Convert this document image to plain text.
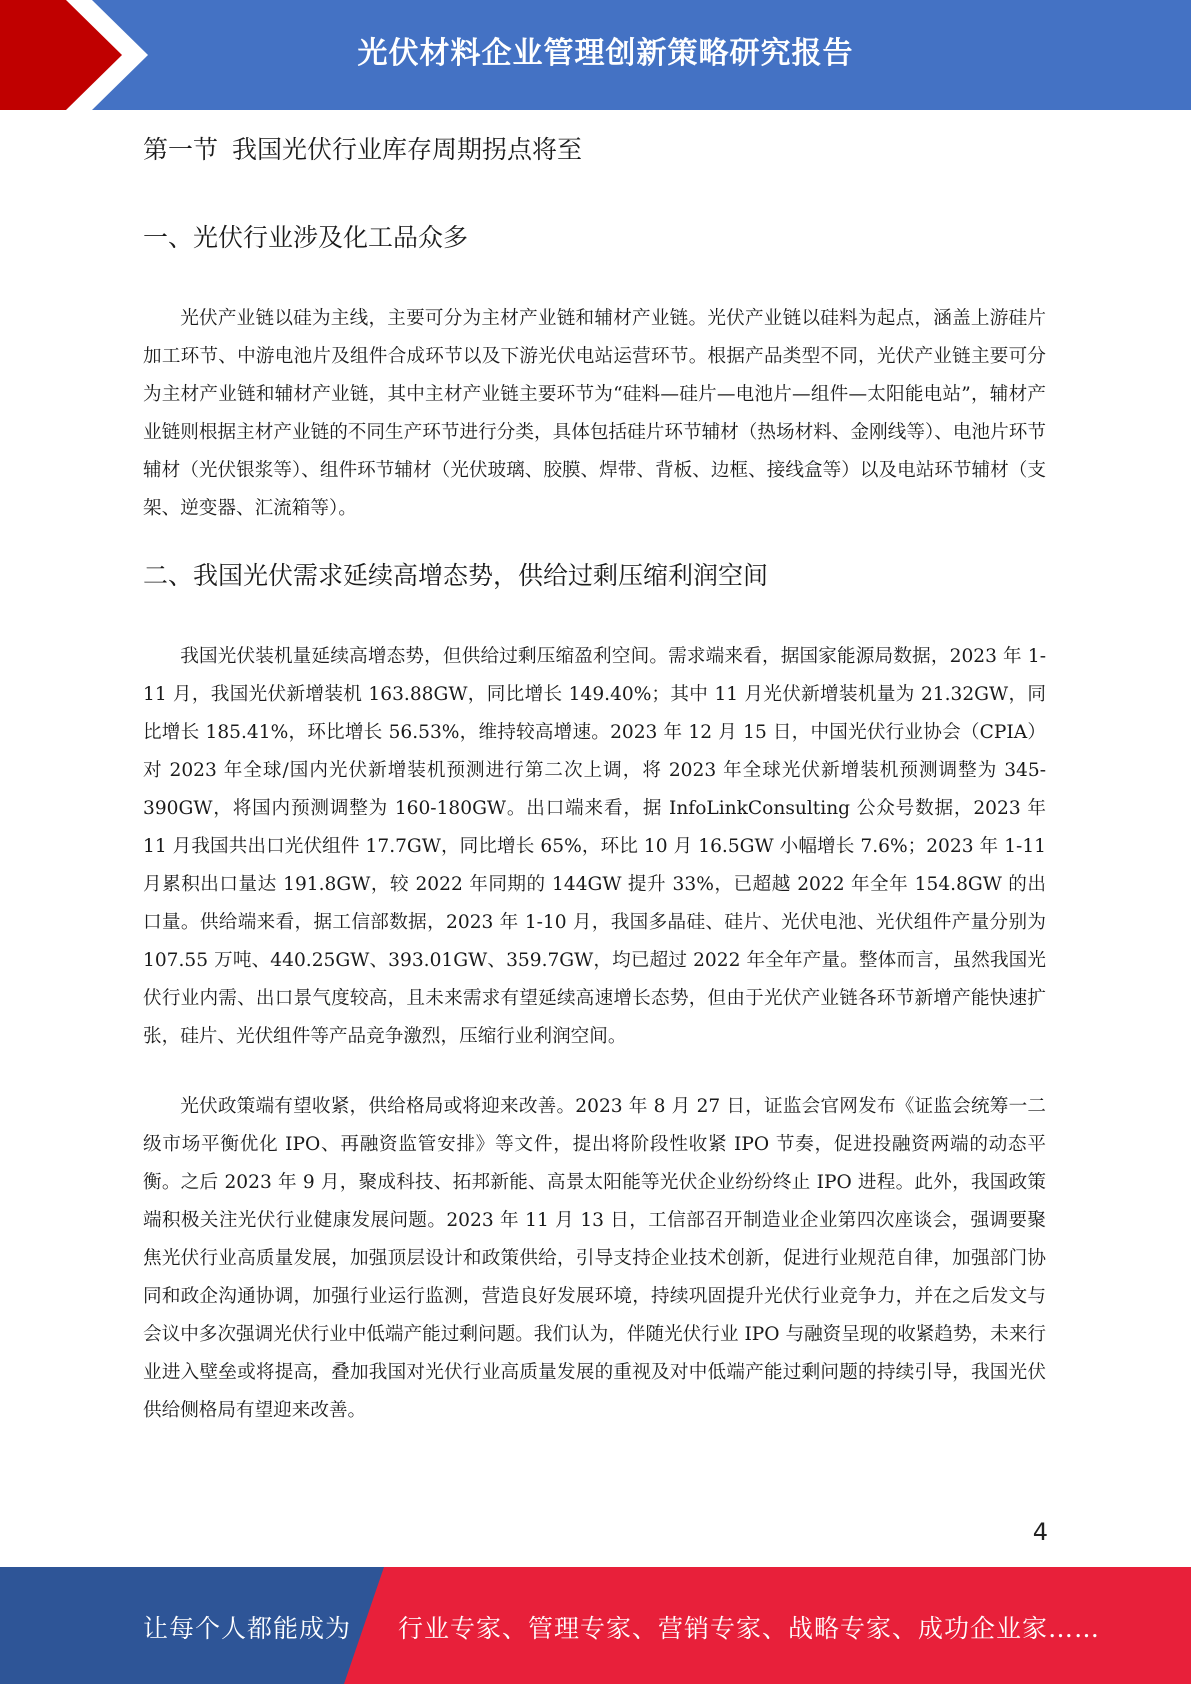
光伏材料企业管理创新策略研究报告
第一节 我国光伏行业库存周期拐点将至
一、光伏行业涉及化工品众多

光伏产业链以硅为主线，主要可分为主材产业链和辅材产业链。光伏产业链以硅料为起点，涵盖上游硅片加工环节、中游电池片及组件合成环节以及下游光伏电站运营环节。根据产品类型不同，光伏产业链主要可分为主材产业链和辅材产业链，其中主材产业链主要环节为“硅料—硅片—电池片—组件—太阳能电站”，辅材产业链则根据主材产业链的不同生产环节进行分类，具体包括硅片环节辅材（热场材料、金刚线等）、电池片环节辅材（光伏银浆等）、组件环节辅材（光伏玻璃、胶膜、焊带、背板、边框、接线盒等）以及电站环节辅材（支架、逆变器、汇流箱等）。

二、我国光伏需求延续高增态势，供给过剩压缩利润空间

我国光伏装机量延续高增态势，但供给过剩压缩盈利空间。需求端来看，据国家能源局数据，2023 年 1-11 月，我国光伏新增装机 163.88GW，同比增长 149.40%；其中 11 月光伏新增装机量为 21.32GW，同比增长 185.41%，环比增长 56.53%，维持较高增速。2023 年 12 月 15 日，中国光伏行业协会（CPIA）对 2023 年全球/国内光伏新增装机预测进行第二次上调，将 2023 年全球光伏新增装机预测调整为 345-390GW，将国内预测调整为 160-180GW。出口端来看，据 InfoLinkConsulting 公众号数据，2023 年 11 月我国共出口光伏组件 17.7GW，同比增长 65%，环比 10 月 16.5GW 小幅增长 7.6%；2023 年 1-11 月累积出口量达 191.8GW，较 2022 年同期的 144GW 提升 33%，已超越 2022 年全年 154.8GW 的出口量。供给端来看，据工信部数据，2023 年 1-10 月，我国多晶硅、硅片、光伏电池、光伏组件产量分别为 107.55 万吨、440.25GW、393.01GW、359.7GW，均已超过 2022 年全年产量。整体而言，虽然我国光伏行业内需、出口景气度较高，且未来需求有望延续高速增长态势，但由于光伏产业链各环节新增产能快速扩张，硅片、光伏组件等产品竞争激烈，压缩行业利润空间。

光伏政策端有望收紧，供给格局或将迎来改善。2023 年 8 月 27 日，证监会官网发布《证监会统筹一二级市场平衡优化 IPO、再融资监管安排》等文件，提出将阶段性收紧 IPO 节奏，促进投融资两端的动态平衡。之后 2023 年 9 月，聚成科技、拓邦新能、高景太阳能等光伏企业纷纷终止 IPO 进程。此外，我国政策端积极关注光伏行业健康发展问题。2023 年 11 月 13 日，工信部召开制造业企业第四次座谈会，强调要聚焦光伏行业高质量发展，加强顶层设计和政策供给，引导支持企业技术创新，促进行业规范自律，加强部门协同和政企沟通协调，加强行业运行监测，营造良好发展环境，持续巩固提升光伏行业竞争力，并在之后发文与会议中多次强调光伏行业中低端产能过剩问题。我们认为，伴随光伏行业 IPO 与融资呈现的收紧趋势，未来行业进入壁垒或将提高，叠加我国对光伏行业高质量发展的重视及对中低端产能过剩问题的持续引导，我国光伏供给侧格局有望迎来改善。

4
让每个人都能成为 行业专家、管理专家、营销专家、战略专家、成功企业家……
